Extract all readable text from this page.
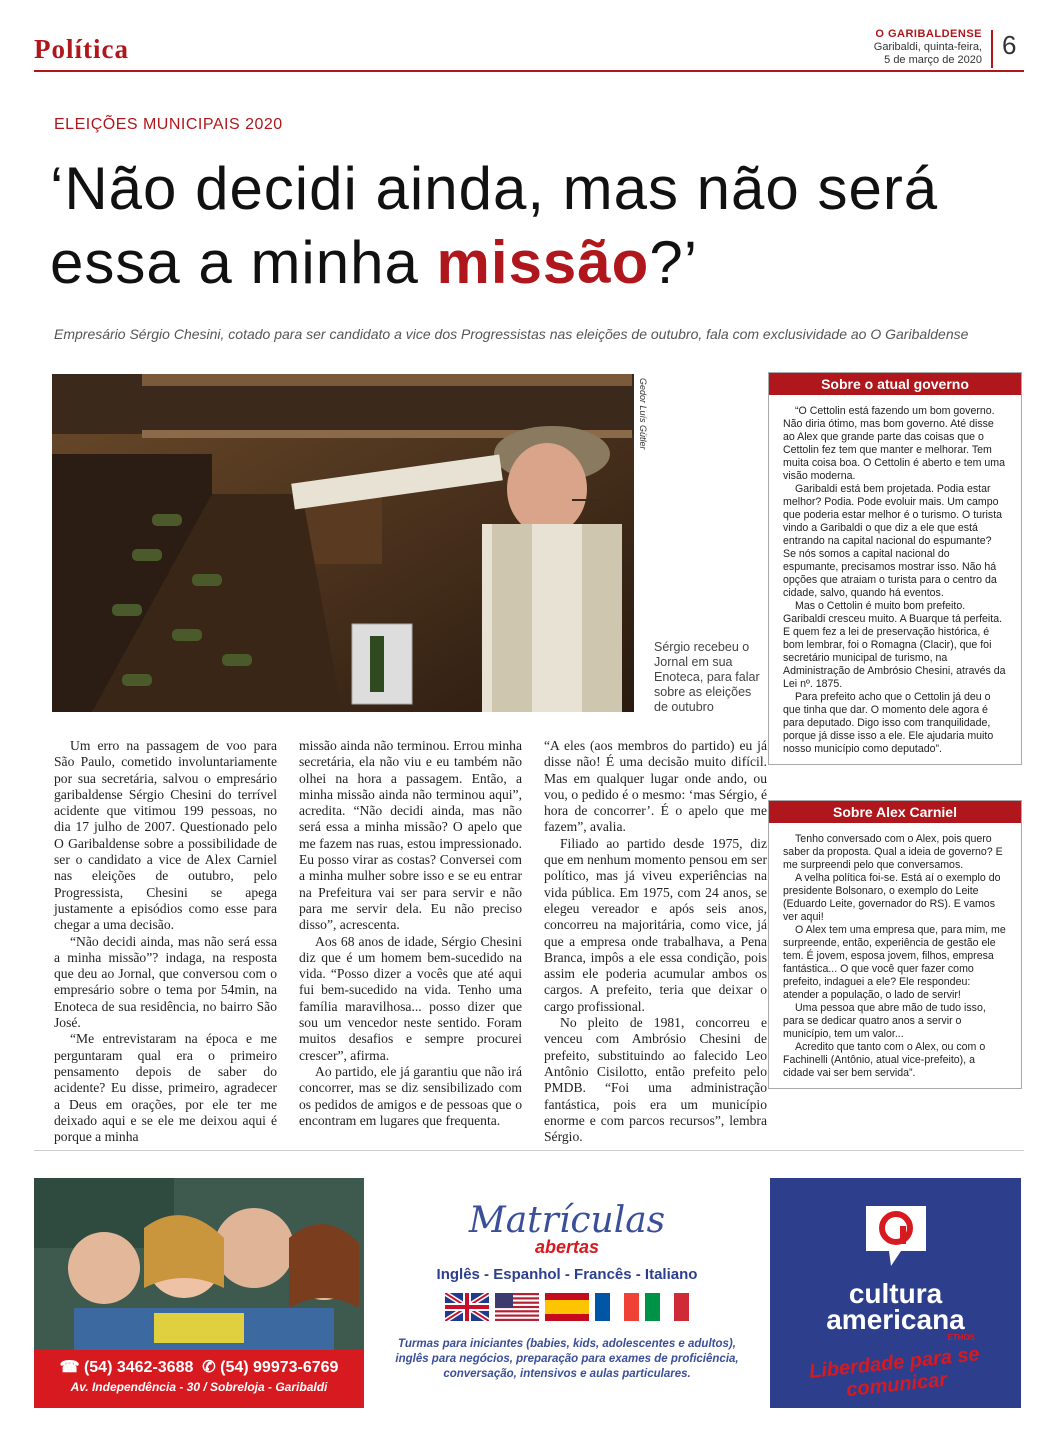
Política	O GARIBALDENSE
Garibaldi, quinta-feira,
5 de março de 2020 6
ELEIÇÕES MUNICIPAIS 2020
‘Não decidi ainda, mas não será essa a minha missão?’
Empresário Sérgio Chesini, cotado para ser candidato a vice dos Progressistas nas eleições de outubro, fala com exclusividade ao O Garibaldense
Gedor Luís Gütler
Sérgio recebeu o Jornal em sua Enoteca, para falar sobre as eleições de outubro

Um erro na passagem de voo para São Paulo, cometido involuntariamente por sua secretária, salvou o empresário garibaldense Sérgio Chesini do terrível acidente que vitimou 199 pessoas, no dia 17 julho de 2007. Questionado pelo O Garibaldense sobre a possibilidade de ser o candidato a vice de Alex Carniel nas eleições de outubro, pelo Progressista, Chesini se apega justamente a episódios como esse para chegar a uma decisão.

“Não decidi ainda, mas não será essa a minha missão”? indaga, na resposta que deu ao Jornal, que conversou com o empresário sobre o tema por 54min, na Enoteca de sua residência, no bairro São José.

“Me entrevistaram na época e me perguntaram qual era o primeiro pensamento depois de saber do acidente? Eu disse, primeiro, agradecer a Deus em orações, por ele ter me deixado aqui e se ele me deixou aqui é porque a minha

missão ainda não terminou. Errou minha secretária, ela não viu e eu também não olhei na hora a passagem. Então, a minha missão ainda não terminou aqui”, acredita. “Não decidi ainda, mas não será essa a minha missão? O apelo que me fazem nas ruas, estou impressionado. Eu posso virar as costas? Conversei com a minha mulher sobre isso e se eu entrar na Prefeitura vai ser para servir e não para me servir dela. Eu não preciso disso”, acrescenta.

Aos 68 anos de idade, Sérgio Chesini diz que é um homem bem-sucedido na vida. “Posso dizer a vocês que até aqui fui bem-sucedido na vida. Tenho uma família maravilhosa... posso dizer que sou um vencedor neste sentido. Foram muitos desafios e sempre procurei crescer”, afirma.

Ao partido, ele já garantiu que não irá concorrer, mas se diz sensibilizado com os pedidos de amigos e de pessoas que o encontram em lugares que frequenta.

“A eles (aos membros do partido) eu já disse não! É uma decisão muito difícil. Mas em qualquer lugar onde ando, ou vou, o pedido é o mesmo: ‘mas Sérgio, é hora de concorrer’. É o apelo que me fazem”, avalia.

Filiado ao partido desde 1975, diz que em nenhum momento pensou em ser político, mas já viveu experiências na vida pública. Em 1975, com 24 anos, se elegeu vereador e após seis anos, concorreu na majoritária, como vice, já que a empresa onde trabalhava, a Pena Branca, impôs a ele essa condição, pois assim ele poderia acumular ambos os cargos. A prefeito, teria que deixar o cargo profissional.

No pleito de 1981, concorreu e venceu com Ambrósio Chesini de prefeito, substituindo ao falecido Leo Antônio Cisilotto, então prefeito pelo PMDB. “Foi uma administração fantástica, pois era um município enorme e com parcos recursos”, lembra Sérgio.

Sobre o atual governo

“O Cettolin está fazendo um bom governo. Não diria ótimo, mas bom governo. Até disse ao Alex que grande parte das coisas que o Cettolin fez tem que manter e melhorar. Tem muita coisa boa. O Cettolin é aberto e tem uma visão moderna.

Garibaldi está bem projetada. Podia estar melhor? Podia. Pode evoluir mais. Um campo que poderia estar melhor é o turismo. O turista vindo a Garibaldi o que diz a ele que está entrando na capital nacional do espumante? Se nós somos a capital nacional do espumante, precisamos mostrar isso. Não há opções que atraiam o turista para o centro da cidade, salvo, quando há eventos.

Mas o Cettolin é muito bom prefeito. Garibaldi cresceu muito. A Buarque tá perfeita. E quem fez a lei de preservação histórica, é bom lembrar, foi o Romagna (Clacir), que foi secretário municipal de turismo, na Administração de Ambrósio Chesini, através da Lei nº. 1875.

Para prefeito acho que o Cettolin já deu o que tinha que dar. O momento dele agora é para deputado. Digo isso com tranquilidade, porque já disse isso a ele. Ele ajudaria muito nosso município como deputado”.

Sobre Alex Carniel

Tenho conversado com o Alex, pois quero saber da proposta. Qual a ideia de governo? E me surpreendi pelo que conversamos.

A velha política foi-se. Está aí o exemplo do presidente Bolsonaro, o exemplo do Leite (Eduardo Leite, governador do RS). E vamos ver aqui!

O Alex tem uma empresa que, para mim, me surpreende, então, experiência de gestão ele tem. É jovem, esposa jovem, filhos, empresa fantástica... O que você quer fazer como prefeito, indaguei a ele? Ele respondeu: atender a população, o lado de servir!

Uma pessoa que abre mão de tudo isso, para se dedicar quatro anos a servir o município, tem um valor...

Acredito que tanto com o Alex, ou com o Fachinelli (Antônio, atual vice-prefeito), a cidade vai ser bem servida”.

☎ (54) 3462-3688 ✆ (54) 99973-6769
Av. Independência - 30 / Sobreloja - Garibaldi
Matrículas
abertas
Inglês - Espanhol - Francês - Italiano
Turmas para iniciantes (babies, kids, adolescentes e adultos), inglês para negócios, preparação para exames de proficiência, conversação, intensivos e aulas particulares.
cultura
americana
ETHOS
Liberdade para se comunicar
